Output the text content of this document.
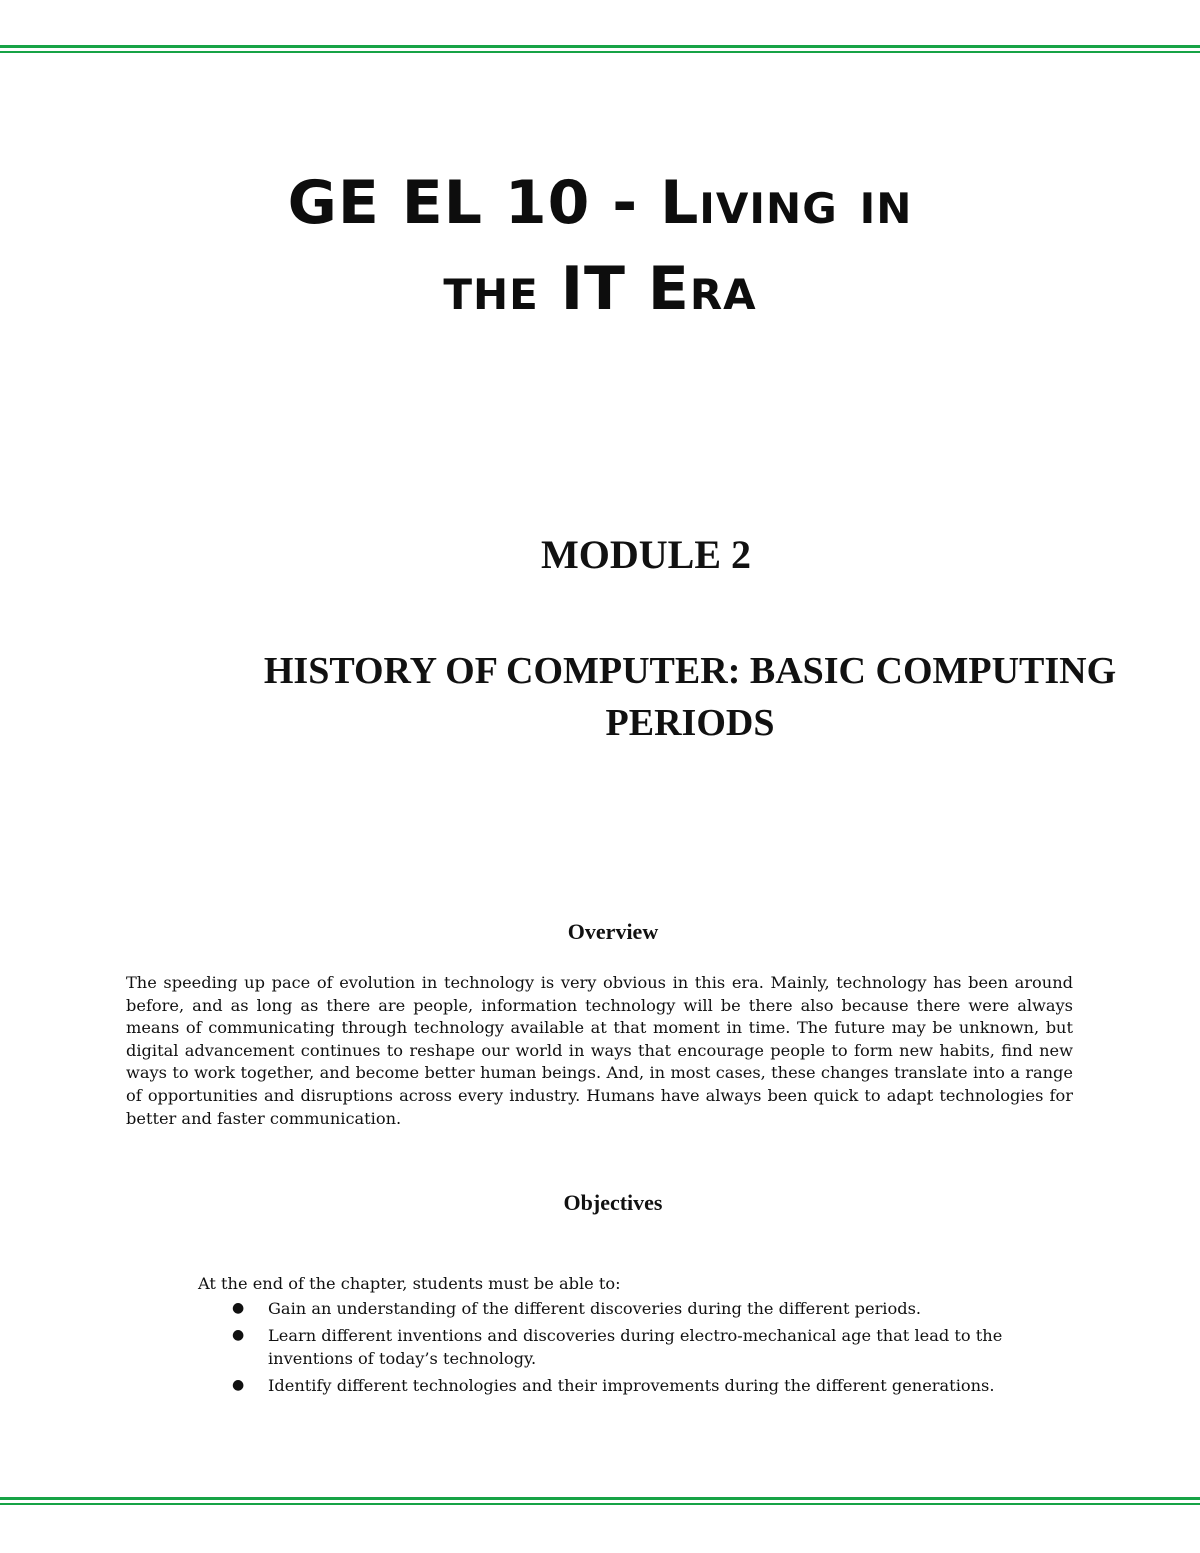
GE EL 10 - Living in
the IT Era
MODULE 2
HISTORY OF COMPUTER: BASIC COMPUTING PERIODS
Overview

The speeding up pace of evolution in technology is very obvious in this era. Mainly, technology has been around before, and as long as there are people, information technology will be there also because there were always means of communicating through technology available at that moment in time. The future may be unknown, but digital advancement continues to reshape our world in ways that encourage people to form new habits, find new ways to work together, and become better human beings. And, in most cases, these changes translate into a range of opportunities and disruptions across every industry. Humans have always been quick to adapt technologies for better and faster communication.

Objectives

At the end of the chapter, students must be able to:

● Gain an understanding of the different discoveries during the different periods.
● Learn different inventions and discoveries during electro-mechanical age that lead to the inventions of today’s technology.
● Identify different technologies and their improvements during the different generations.
